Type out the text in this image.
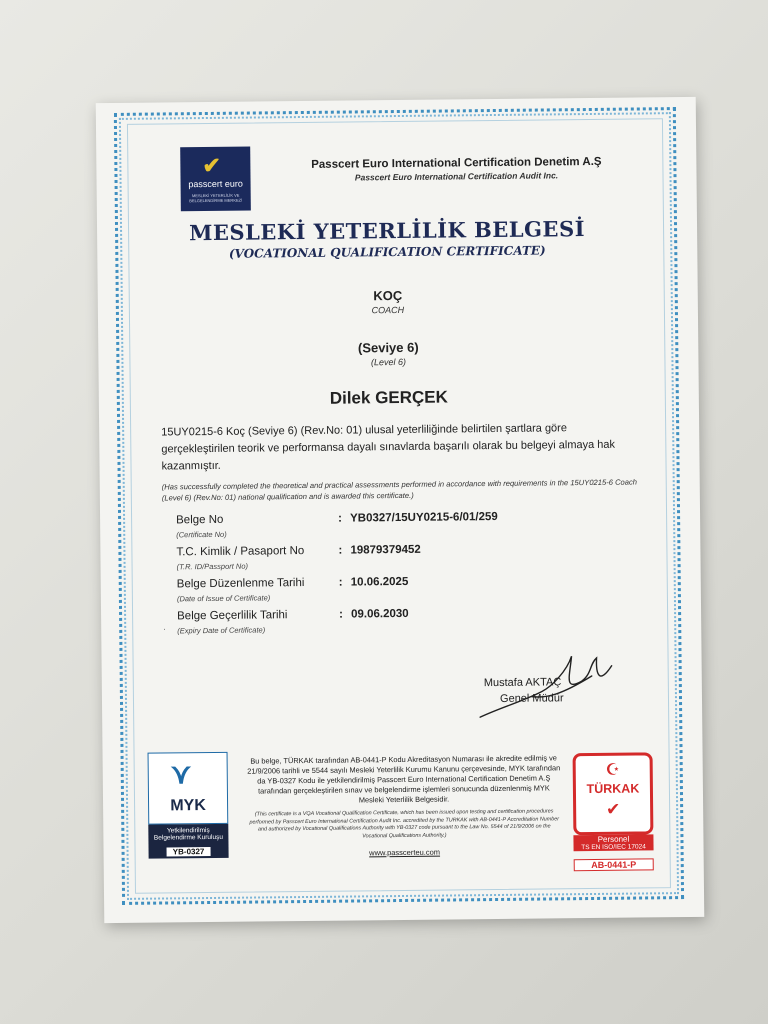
✔
passcert euro
MESLEKİ YETERLİLİK VE BELGELENDİRME MERKEZİ
Passcert Euro International Certification Denetim A.Ş
Passcert Euro International Certification Audit Inc.
MESLEKİ YETERLİLİK BELGESİ
(VOCATIONAL QUALIFICATION CERTIFICATE)
KOÇ
COACH
(Seviye 6)
(Level 6)
Dilek GERÇEK
15UY0215-6 Koç (Seviye 6) (Rev.No: 01) ulusal yeterliliğinde belirtilen şartlara göre gerçekleştirilen teorik ve performansa dayalı sınavlarda başarılı olarak bu belgeyi almaya hak kazanmıştır.
(Has successfully completed the theoretical and practical assessments performed in accordance with requirements in the 15UY0215-6 Coach (Level 6) (Rev.No: 01) national qualification and is awarded this certificate.)
Belge No
(Certificate No)
: YB0327/15UY0215-6/01/259
T.C. Kimlik / Pasaport No
(T.R. ID/Passport No)
: 19879379452
Belge Düzenlenme Tarihi
(Date of Issue of Certificate)
: 10.06.2025
Belge Geçerlilik Tarihi
(Expiry Date of Certificate)
: 09.06.2030
·
Mustafa AKTAÇ
Genel Müdür
⋎
MYK
Yetkilendirilmiş
Belgelendirme Kuruluşu
YB-0327
Bu belge, TÜRKAK tarafından AB-0441-P Kodu Akreditasyon Numarası ile akredite edilmiş ve 21/9/2006 tarihli ve 5544 sayılı Mesleki Yeterlilik Kurumu Kanunu çerçevesinde, MYK tarafından da YB-0327 Kodu ile yetkilendirilmiş Passcert Euro International Certification Denetim A.Ş tarafından gerçekleştirilen sınav ve belgelendirme işlemleri sonucunda düzenlenmiş MYK Mesleki Yeterlilik Belgesidir.
(This certificate is a VQA Vocational Qualification Certificate, which has been issued upon testing and certification procedures performed by Passcert Euro International Certification Audit Inc. accredited by the TURKAK with AB-0441-P Accreditation Number and authorized by Vocational Qualifications Authority with YB-0327 code pursuant to the Law No. 5544 of 21/9/2006 on the Vocational Qualifications Authority.)
www.passcerteu.com
☪
TÜRKAK
✔
Personel
TS EN ISO/IEC 17024
AB-0441-P
